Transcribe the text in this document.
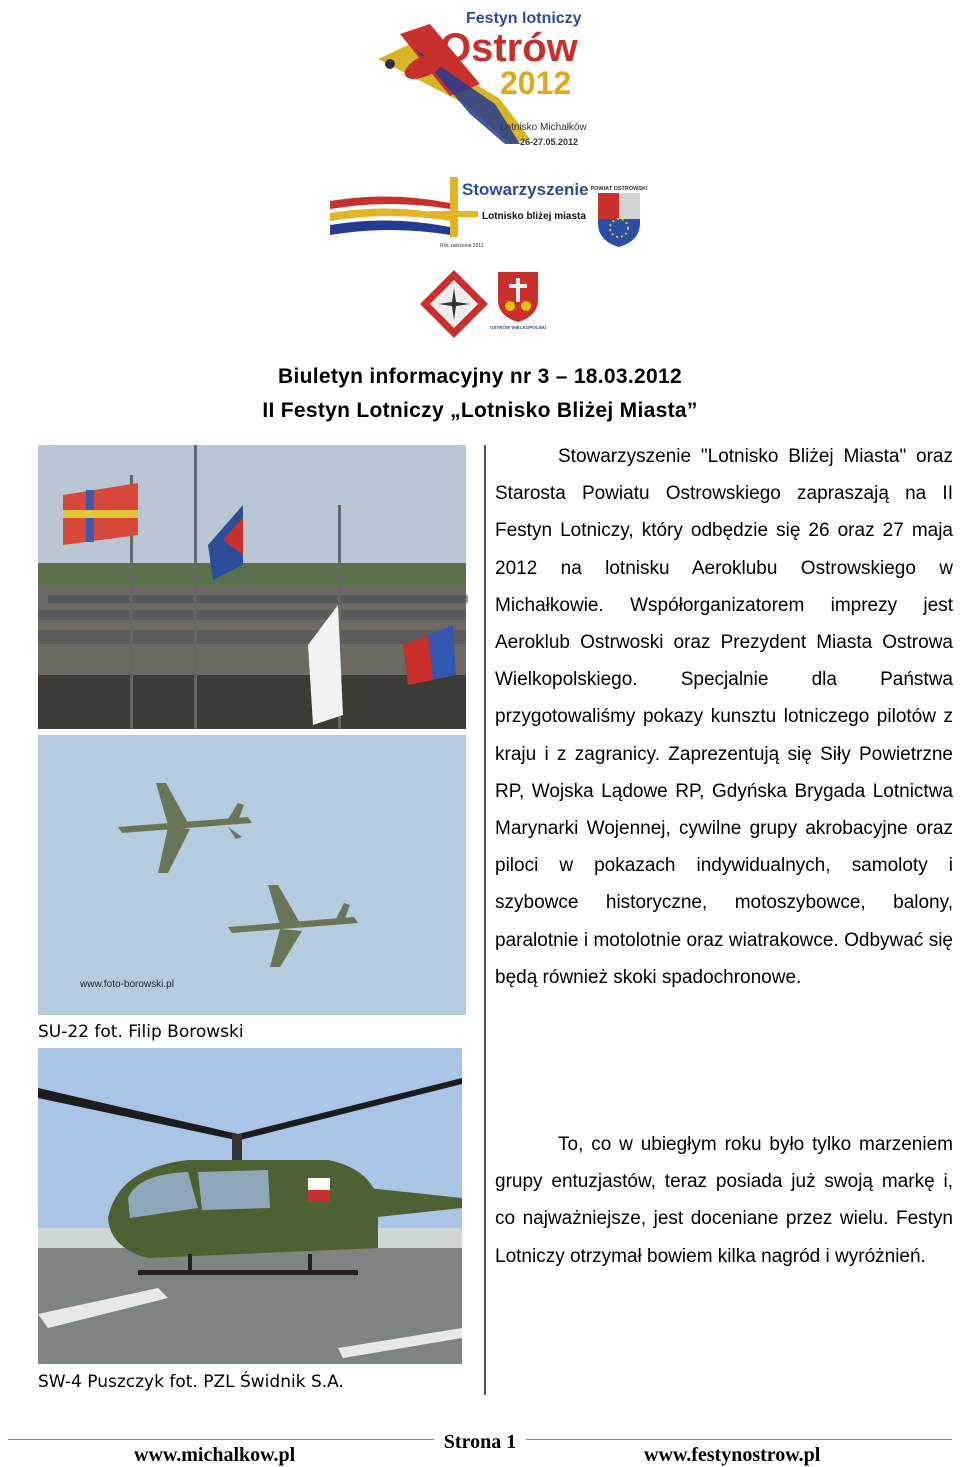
Festyn lotniczy
Ostrów
2012
Lotnisko Michałków
26-27.05.2012
Stowarzyszenie
Lotnisko bliżej miasta
Rok założenia 2011
POWIAT OSTROWSKI
OSTRÓW WIELKOPOLSKI
Biuletyn informacyjny nr 3 – 18.03.2012
II Festyn Lotniczy „Lotnisko Bliżej Miasta”
www.foto-borowski.pl
SU-22 fot. Filip Borowski
SW-4 Puszczyk fot. PZL Świdnik S.A.

Stowarzyszenie "Lotnisko Bliżej Miasta" oraz Starosta Powiatu Ostrowskiego zapraszają na II Festyn Lotniczy, który odbędzie się 26 oraz 27 maja 2012 na lotnisku Aeroklubu Ostrowskiego w Michałkowie. Współorganizatorem imprezy jest Aeroklub Ostrwoski oraz Prezydent Miasta Ostrowa Wielkopolskiego. Specjalnie dla Państwa przygotowaliśmy pokazy kunsztu lotniczego pilotów z kraju i z zagranicy. Zaprezentują się Siły Powietrzne RP, Wojska Lądowe RP, Gdyńska Brygada Lotnictwa Marynarki Wojennej, cywilne grupy akrobacyjne oraz piloci w pokazach indywidualnych, samoloty i szybowce historyczne, motoszybowce, balony, paralotnie i motolotnie oraz wiatrakowce. Odbywać się będą również skoki spadochronowe.

To, co w ubiegłym roku było tylko marzeniem grupy entuzjastów, teraz posiada już swoją markę i, co najważniejsze, jest doceniane przez wielu. Festyn Lotniczy otrzymał bowiem kilka nagród i wyróżnień.

www.michalkow.pl
Strona 1
www.festynostrow.pl
